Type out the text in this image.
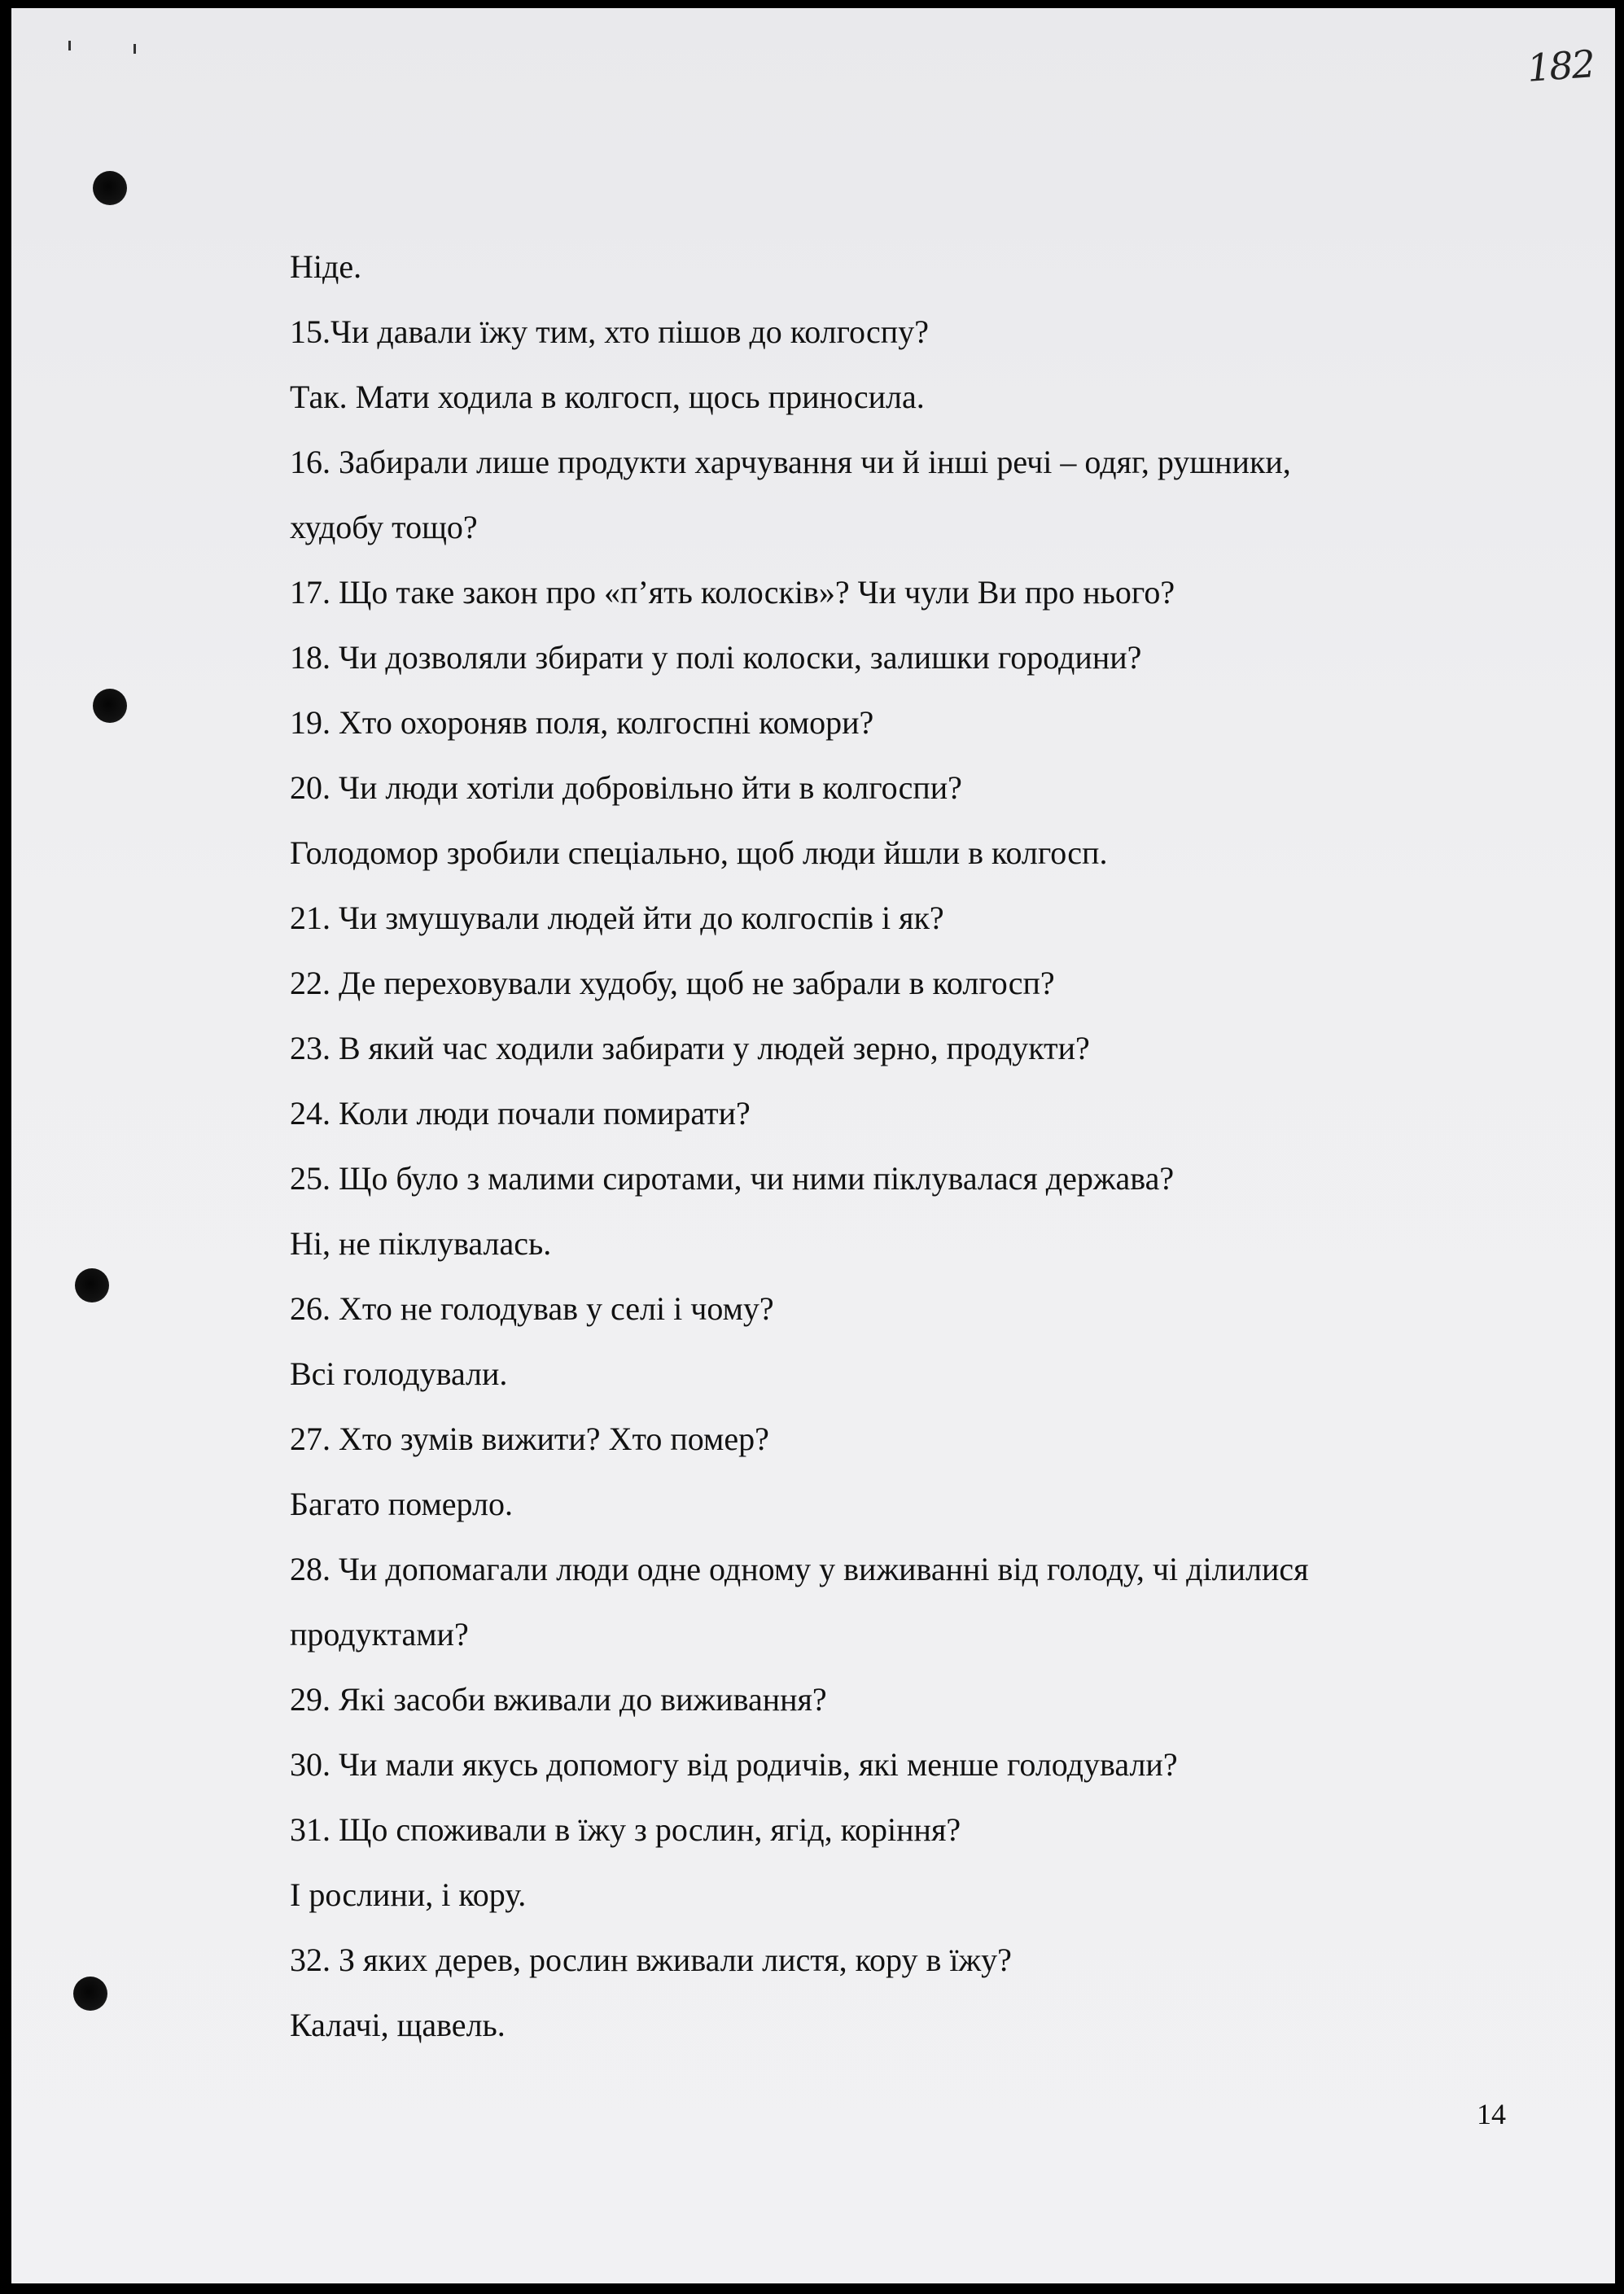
182
Ніде.
15.Чи давали їжу тим, хто пішов до колгоспу?
Так. Мати ходила в колгосп, щось приносила.
16. Забирали лише продукти харчування чи й інші речі – одяг, рушники,
худобу тощо?
17. Що таке закон про «п’ять колосків»? Чи чули Ви про нього?
18. Чи дозволяли збирати у полі колоски, залишки городини?
19. Хто охороняв поля, колгоспні комори?
20. Чи люди хотіли добровільно йти в колгоспи?
Голодомор зробили спеціально, щоб люди йшли в колгосп.
21. Чи змушували людей йти до колгоспів і як?
22. Де переховували худобу, щоб не забрали в колгосп?
23. В який час ходили забирати у людей зерно, продукти?
24. Коли люди почали помирати?
25. Що було з малими сиротами, чи ними піклувалася держава?
Ні, не піклувалась.
26. Хто не голодував у селі і чому?
Всі голодували.
27. Хто зумів вижити? Хто помер?
Багато померло.
28. Чи допомагали люди одне одному у виживанні від голоду, чі ділилися
продуктами?
29. Які засоби вживали до виживання?
30. Чи мали якусь допомогу від родичів, які менше голодували?
31. Що споживали в їжу з рослин, ягід, коріння?
І рослини, і кору.
32. З яких дерев, рослин вживали листя, кору в їжу?
Калачі, щавель.
14
